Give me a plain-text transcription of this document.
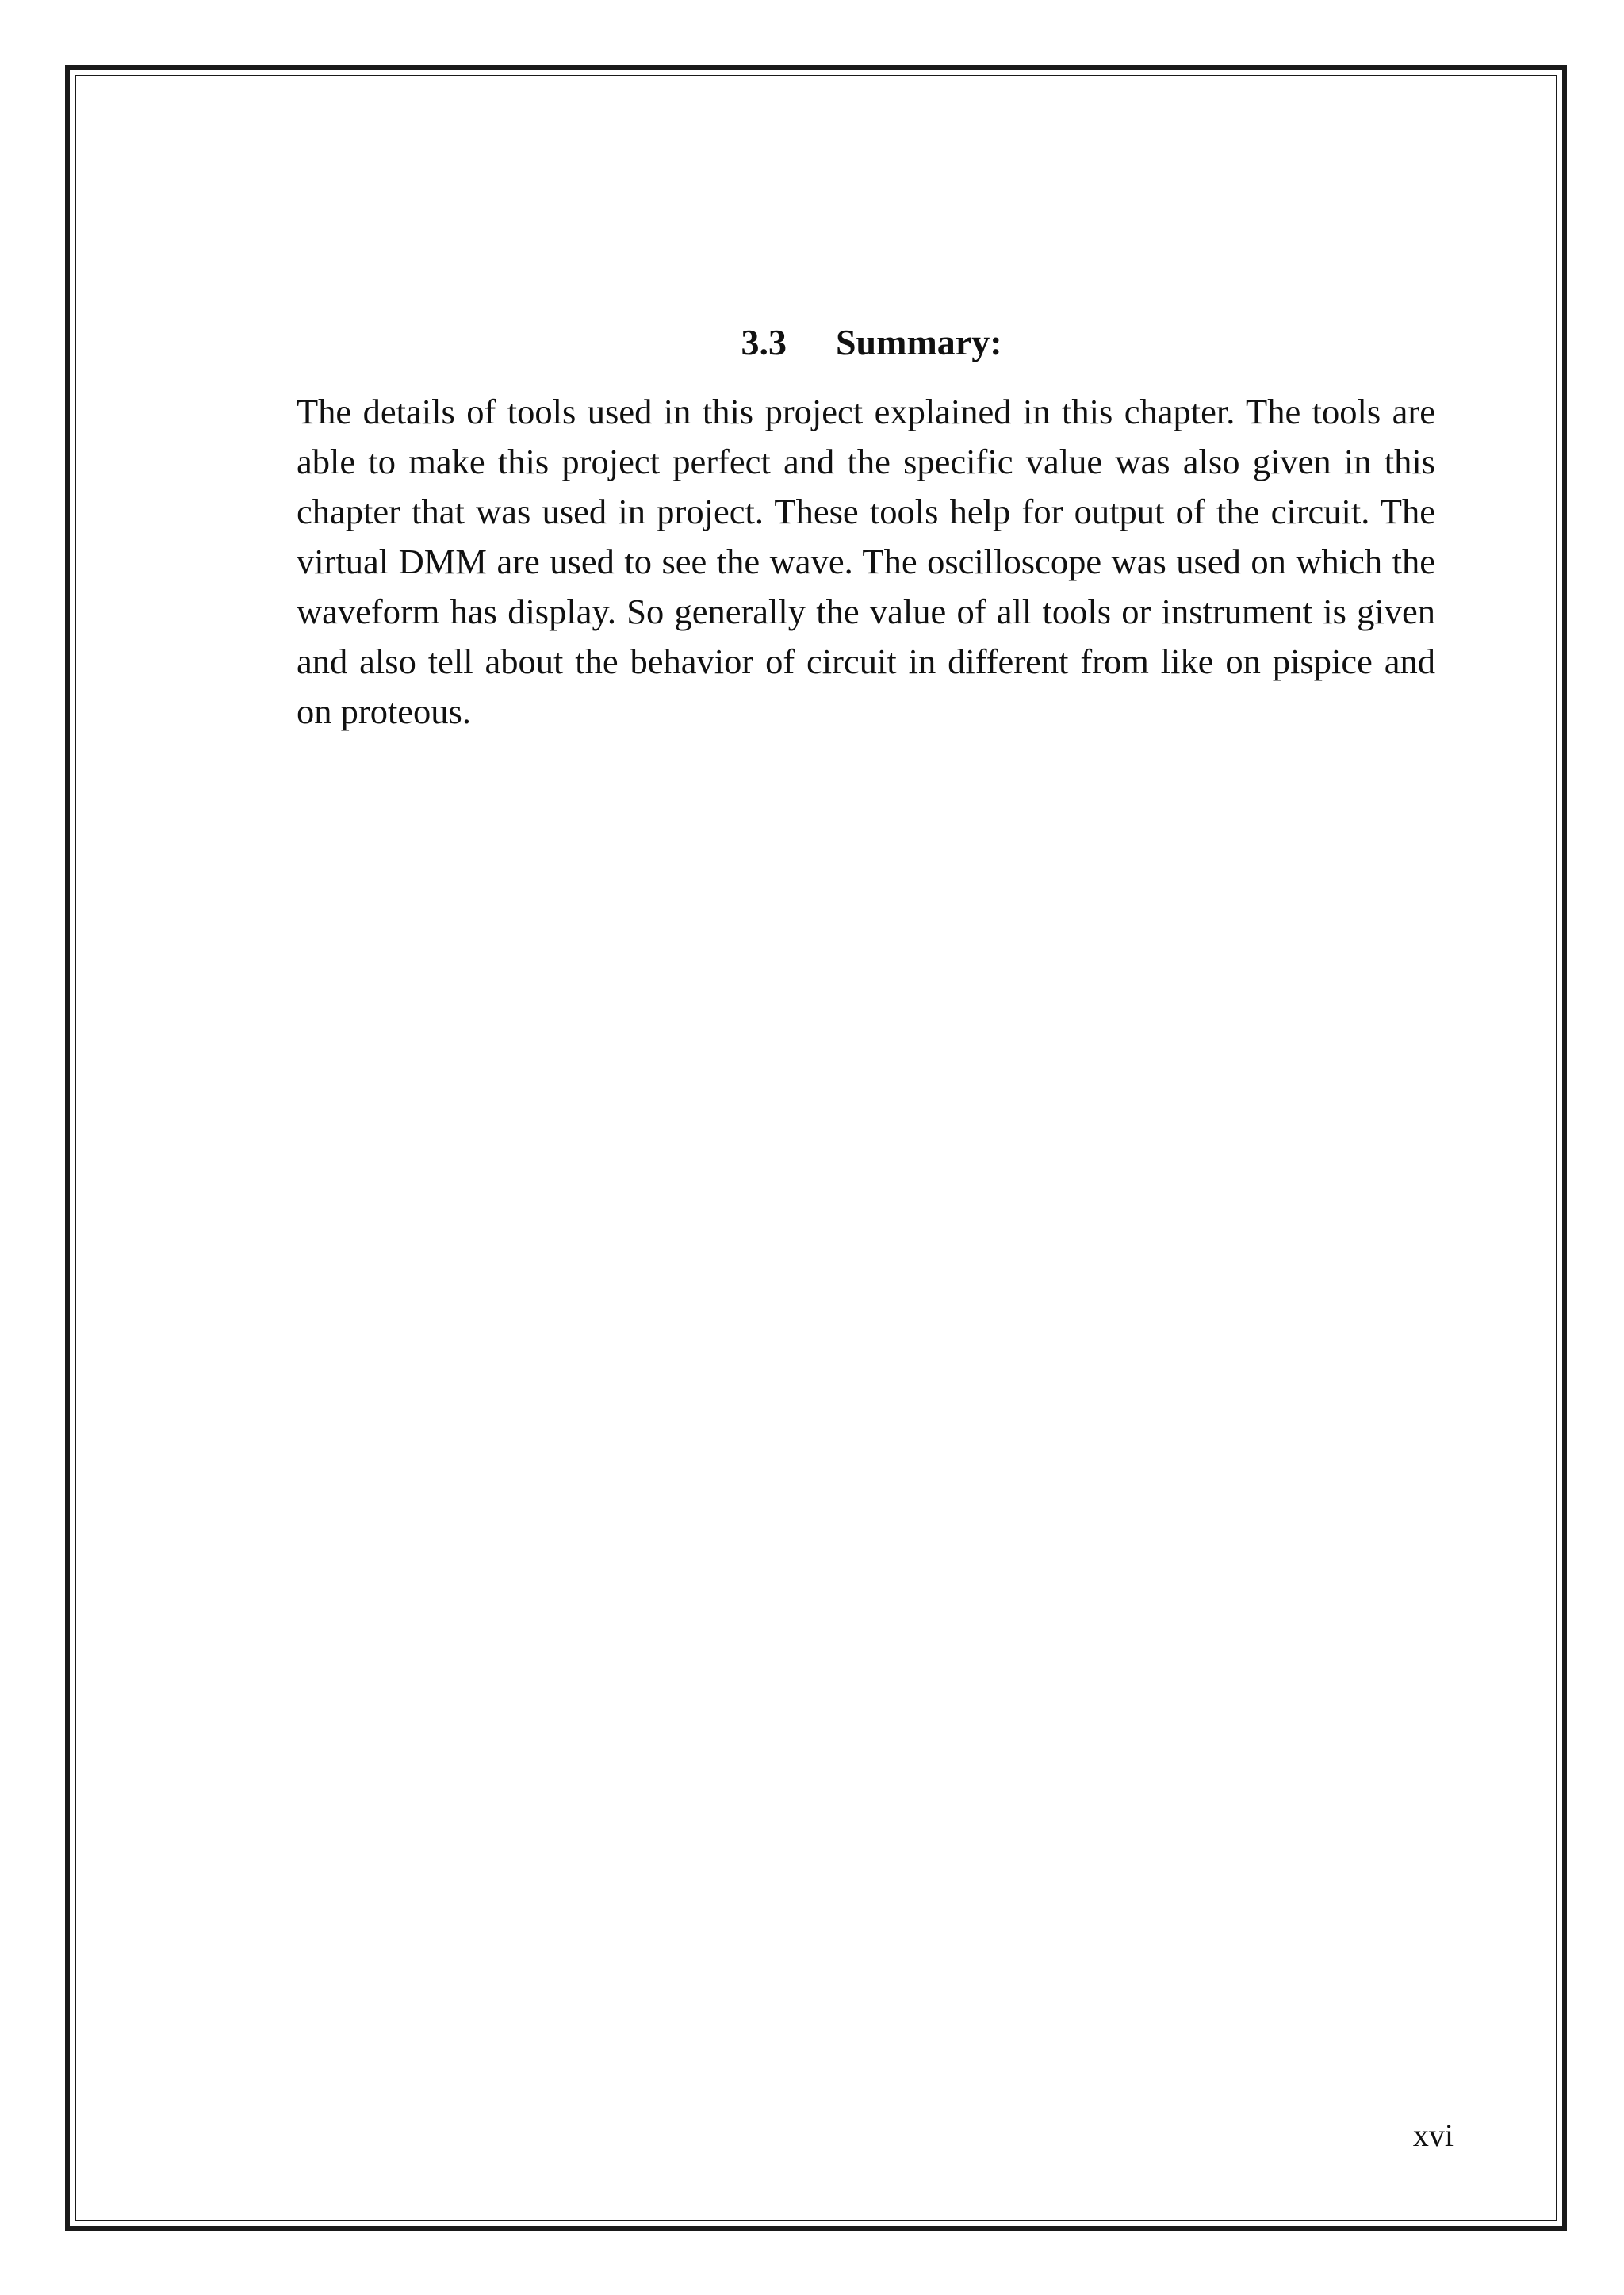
3.3 Summary:

The details of tools used in this project explained in this chapter. The tools are able to make this project perfect and the specific value was also given in this chapter that was used in project. These tools help for output of the circuit. The virtual DMM are used to see the wave. The oscilloscope was used on which the waveform has display. So generally the value of all tools or instrument is given and also tell about the behavior of circuit in different from like on pispice and on proteous.

xvi
